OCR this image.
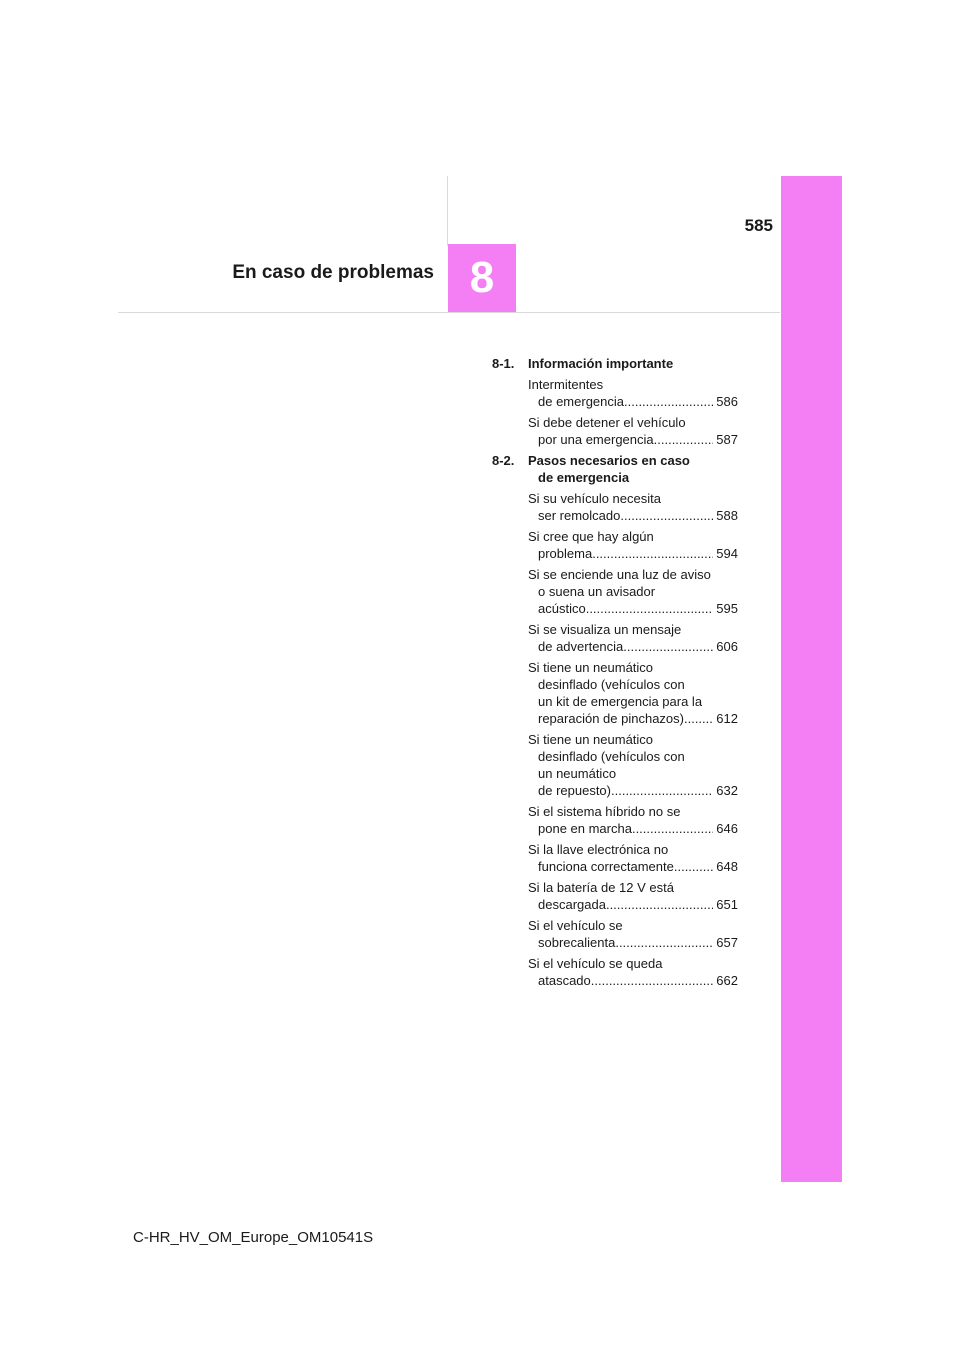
585
En caso de problemas 8
8-1.	Información importante
Intermitentes
de emergencia .....	586
Si debe detener el vehículo
por una emergencia .....	587
8-2.	Pasos necesarios en caso
de emergencia
Si su vehículo necesita
ser remolcado .....	588
Si cree que hay algún
problema .....	594
Si se enciende una luz de aviso
o suena un avisador
acústico .....	595
Si se visualiza un mensaje
de advertencia .....	606
Si tiene un neumático
desinflado (vehículos con
un kit de emergencia para la
reparación de pinchazos) ..... 612
Si tiene un neumático
desinflado (vehículos con
un neumático
de repuesto) .....	632
Si el sistema híbrido no se
pone en marcha .....	646
Si la llave electrónica no
funciona correctamente .....	648
Si la batería de 12 V está
descargada .....	651
Si el vehículo se
sobrecalienta .....	657
Si el vehículo se queda
atascado .....	662
C-HR_HV_OM_Europe_OM10541S
